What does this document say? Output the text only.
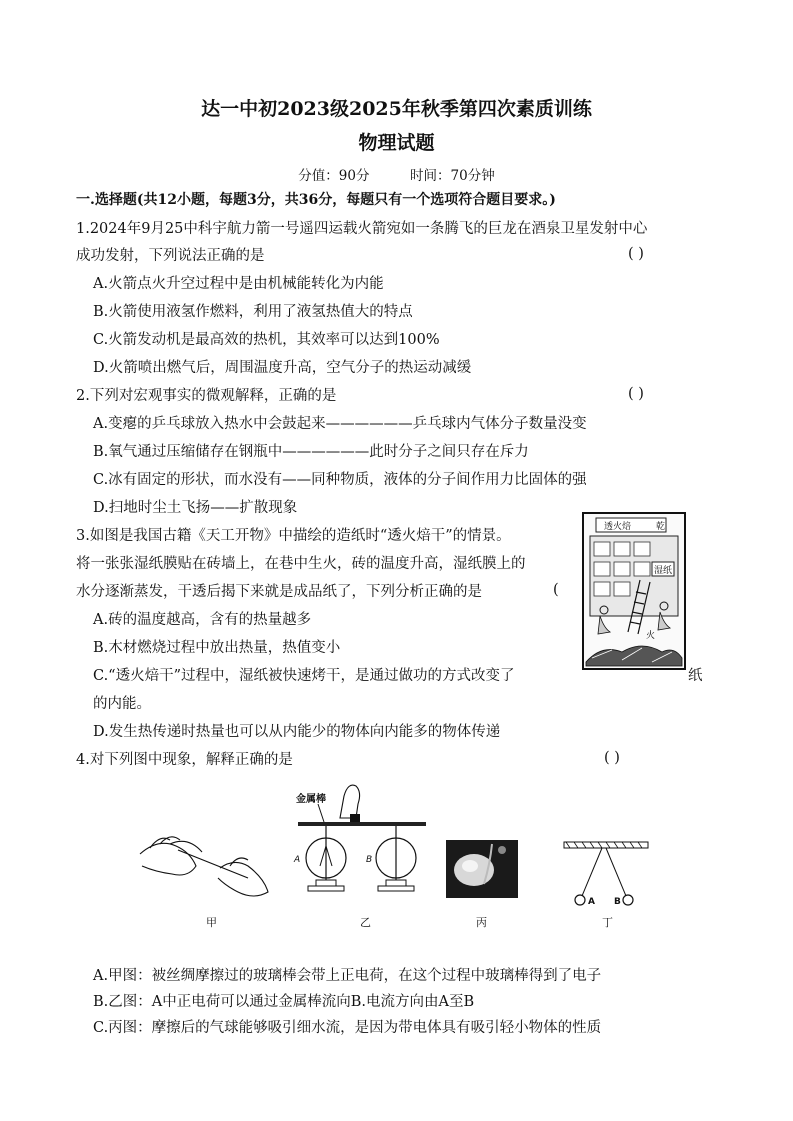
达一中初2023级2025年秋季第四次素质训练
物理试题
分值：90分	时间：70分钟
一.选择题(共12小题，每题3分，共36分，每题只有一个选项符合题目要求。)
1.2024年9月25中科宇航力箭一号遥四运载火箭宛如一条腾飞的巨龙在酒泉卫星发射中心
成功发射，下列说法正确的是	( )
A.火箭点火升空过程中是由机械能转化为内能
B.火箭使用液氢作燃料，利用了液氢热值大的特点
C.火箭发动机是最高效的热机，其效率可以达到100%
D.火箭喷出燃气后，周围温度升高，空气分子的热运动减缓
2.下列对宏观事实的微观解释，正确的是	( )
A.变瘪的乒乓球放入热水中会鼓起来——————乒乓球内气体分子数量没变
B.氧气通过压缩储存在钢瓶中——————此时分子之间只存在斥力
C.冰有固定的形状，而水没有——同种物质，液体的分子间作用力比固体的强
D.扫地时尘土飞扬——扩散现象
3.如图是我国古籍《天工开物》中描绘的造纸时“透火焙干”的情景。
将一张张湿纸膜贴在砖墙上，在巷中生火，砖的温度升高，湿纸膜上的
水分逐渐蒸发，干透后揭下来就是成品纸了，下列分析正确的是	(
A.砖的温度越高，含有的热量越多
B.木材燃烧过程中放出热量，热值变小
C.“透火焙干”过程中，湿纸被快速烤干，是通过做功的方式改变了	纸
的内能。
D.发生热传递时热量也可以从内能少的物体向内能多的物体传递
透火焙	乾
湿纸
火
4.对下列图中现象，解释正确的是	( )
甲
金属棒
A	B
乙	丙
A B
丁
A.甲图：被丝绸摩擦过的玻璃棒会带上正电荷，在这个过程中玻璃棒得到了电子
B.乙图：A中正电荷可以通过金属棒流向B.电流方向由A至B
C.丙图：摩擦后的气球能够吸引细水流，是因为带电体具有吸引轻小物体的性质
